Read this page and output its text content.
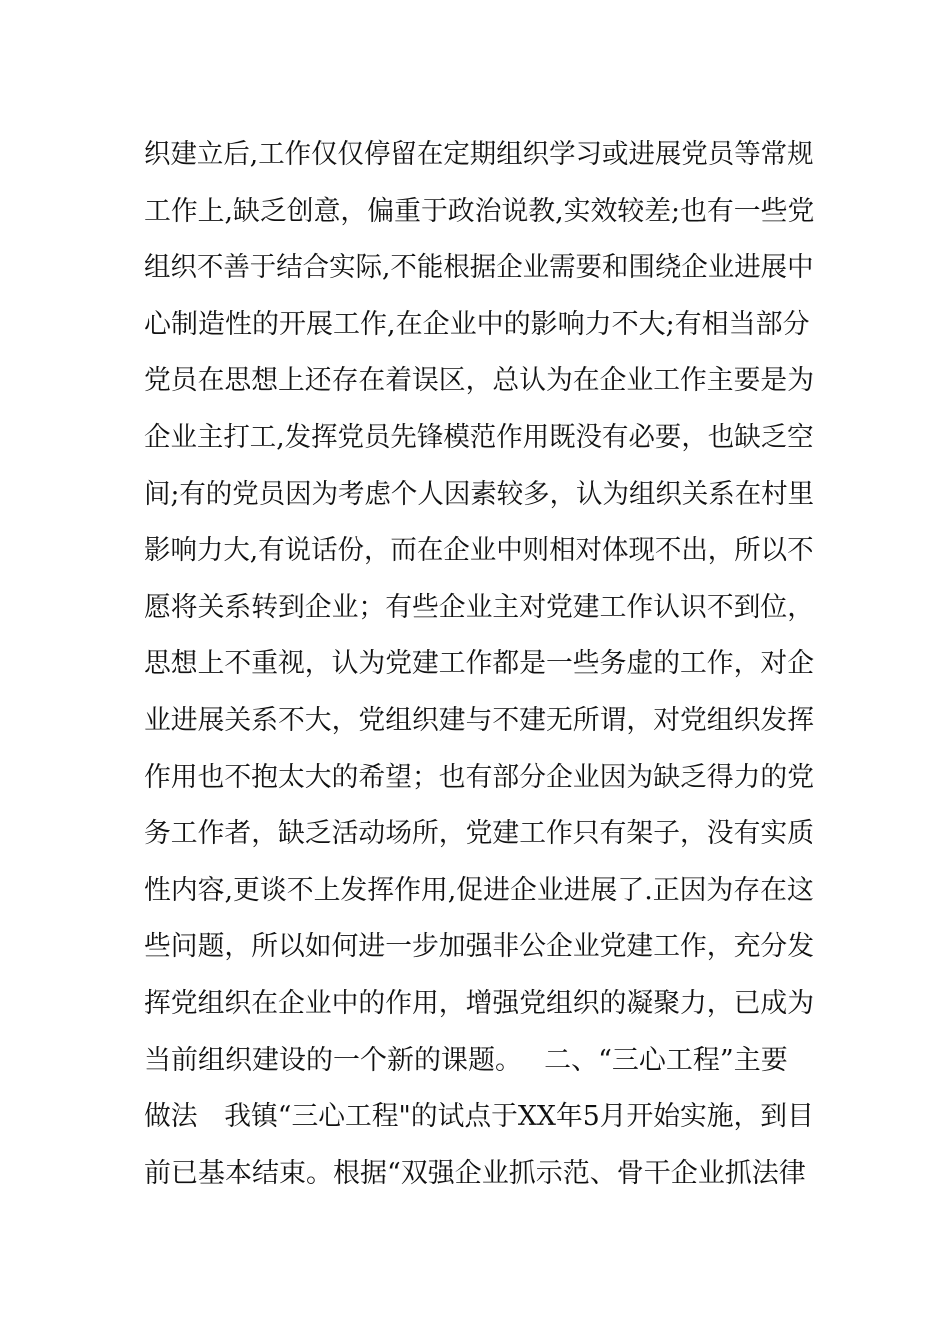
织建立后,工作仅仅停留在定期组织学习或进展党员等常规
工作上,缺乏创意，偏重于政治说教,实效较差;也有一些党
组织不善于结合实际,不能根据企业需要和围绕企业进展中
心制造性的开展工作,在企业中的影响力不大;有相当部分
党员在思想上还存在着误区，总认为在企业工作主要是为
企业主打工,发挥党员先锋模范作用既没有必要，也缺乏空
间;有的党员因为考虑个人因素较多，认为组织关系在村里
影响力大,有说话份，而在企业中则相对体现不出，所以不
愿将关系转到企业；有些企业主对党建工作认识不到位，
思想上不重视，认为党建工作都是一些务虚的工作，对企
业进展关系不大，党组织建与不建无所谓，对党组织发挥
作用也不抱太大的希望；也有部分企业因为缺乏得力的党
务工作者，缺乏活动场所，党建工作只有架子，没有实质
性内容,更谈不上发挥作用,促进企业进展了.正因为存在这
些问题，所以如何进一步加强非公企业党建工作，充分发
挥党组织在企业中的作用，增强党组织的凝聚力，已成为
当前组织建设的一个新的课题。　 二、“三心工程”主要
做法　我镇“三心工程"的试点于XX年5月开始实施，到目
前已基本结束。根据“双强企业抓示范、骨干企业抓法律
